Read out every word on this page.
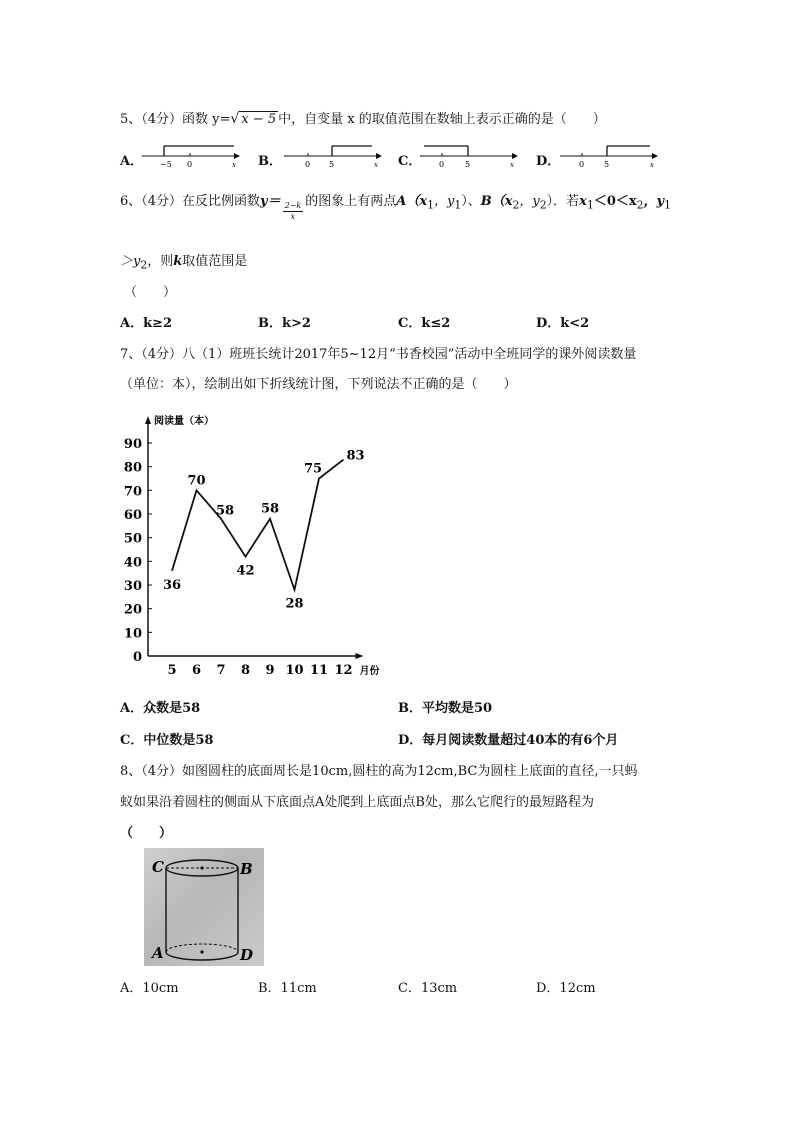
5、（4分）函数 y=√ x − 5 中，自变量 x 的取值范围在数轴上表示正确的是（　　）
A． −5 0	x B．	0 5	x C． 0	5	x D． 0 5	x
6、（4分）在反比例函数$y= \frac{2-k}{x}$ 的图象上有两点$A(x_1$，$y_1$）、$B(x_2$，$y_2$）．若$x_1<0<x_2$，$y_1$
$>y_2$，则k取值范围是
（　　）
A．k≥2	B．k>2	C．k≤2	D．k<2
7、（4分）八（1）班班长统计2017年5~12月“书香校园”活动中全班同学的课外阅读数量
（单位：本），绘制出如下折线统计图，下列说法不正确的是（　　）
阅读量（本）
0
10
20
30
40
50
60
70
80
90
5 6 7 8 9 10 11 12 月份
36
70
58
42
58
28
75
83
A．众数是58	B．平均数是50
C．中位数是58	D．每月阅读数量超过40本的有6个月
8、（4分）如图圆柱的底面周长是10cm,圆柱的高为12cm,BC为圆柱上底面的直径,一只蚂
蚁如果沿着圆柱的侧面从下底面点A处爬到上底面点B处，那么它爬行的最短路程为
（　　）
C	B
A	D
A．10cm	B．11cm	C．13cm	D．12cm
